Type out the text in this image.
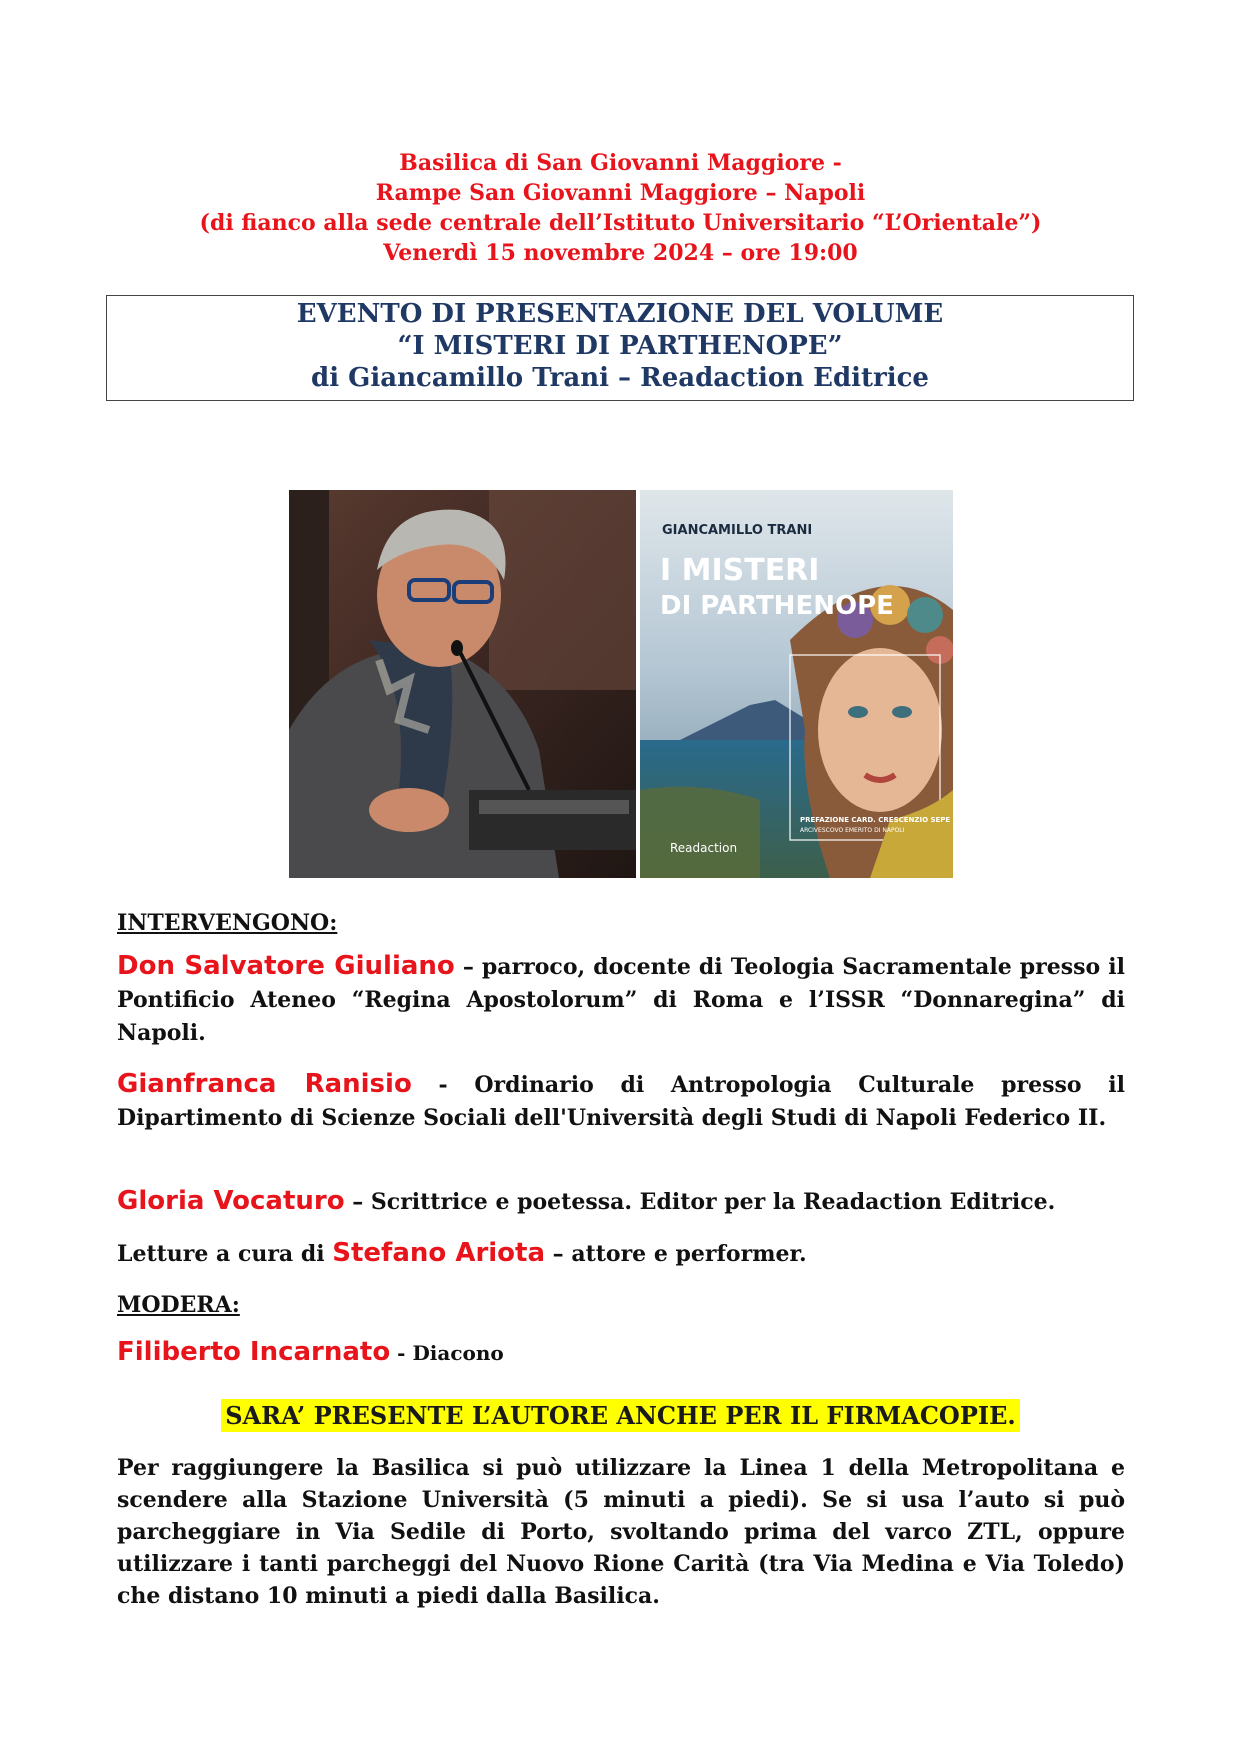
Basilica di San Giovanni Maggiore -
Rampe San Giovanni Maggiore – Napoli
(di fianco alla sede centrale dell’Istituto Universitario “L’Orientale”)
Venerdì 15 novembre 2024 – ore 19:00
EVENTO DI PRESENTAZIONE DEL VOLUME
“I MISTERI DI PARTHENOPE”
di Giancamillo Trani – Readaction Editrice
GIANCAMILLO TRANI
I MISTERI
DI PARTHENOPE
PREFAZIONE CARD. CRESCENZIO SEPE
ARCIVESCOVO EMERITO DI NAPOLI
Readaction
INTERVENGONO:
Don Salvatore Giuliano – parroco, docente di Teologia Sacramentale presso il Pontificio Ateneo “Regina Apostolorum” di Roma e l’ISSR “Donnaregina” di Napoli.
Gianfranca Ranisio - Ordinario di Antropologia Culturale presso il Dipartimento di Scienze Sociali dell'Università degli Studi di Napoli Federico II.
Gloria Vocaturo – Scrittrice e poetessa. Editor per la Readaction Editrice.
Letture a cura di Stefano Ariota – attore e performer.
MODERA:
Filiberto Incarnato - Diacono
SARA’ PRESENTE L’AUTORE ANCHE PER IL FIRMACOPIE.
Per raggiungere la Basilica si può utilizzare la Linea 1 della Metropolitana e scendere alla Stazione Università (5 minuti a piedi). Se si usa l’auto si può parcheggiare in Via Sedile di Porto, svoltando prima del varco ZTL, oppure utilizzare i tanti parcheggi del Nuovo Rione Carità (tra Via Medina e Via Toledo) che distano 10 minuti a piedi dalla Basilica.
